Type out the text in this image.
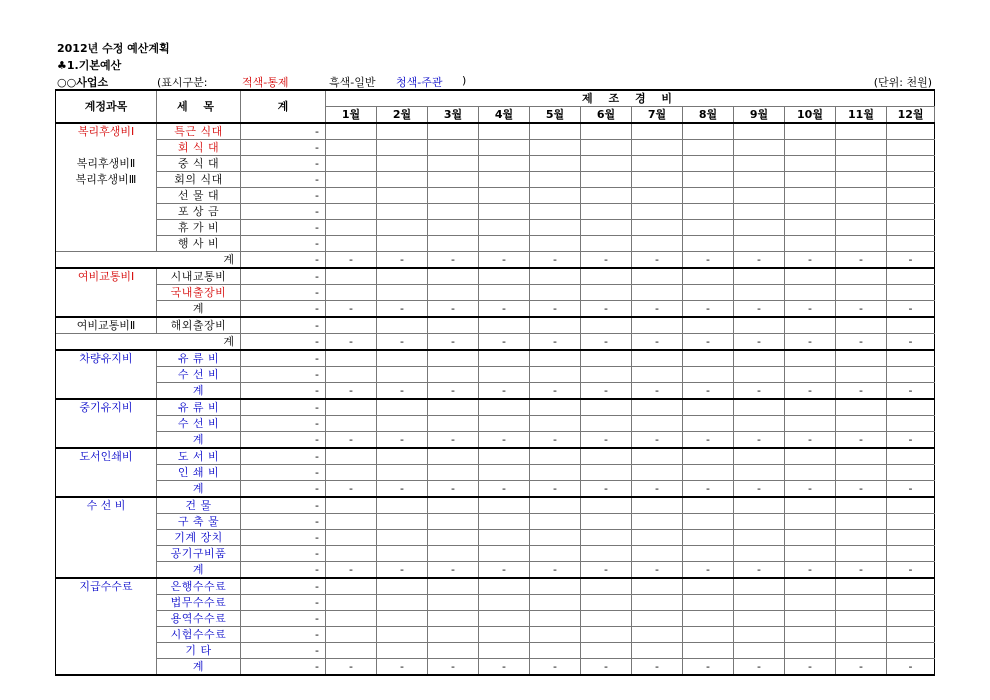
2012년 수정 예산계획
♣1.기본예산
○○사업소	(표시구분:	적색-통제	흑색-일반 청색-주관 )	(단위: 천원)
계정과목	세 목	계	제 조 경 비											
			1월	2월	3월	4월	5월	6월	7월	8월	9월	10월	11월	12월
복리후생비Ⅰ	특근 식대	-												
	회 식 대	-												
복리후생비Ⅱ	중 식 대	-												
복리후생비Ⅲ	회의 식대	-												
	선 물 대	-												
	포 상 금	-												
	휴 가 비	-												
	행 사 비	-												
계		-	-	-	-	-	-	-	-	-	-	-	-	-
여비교통비Ⅰ	시내교통비	-												
	국내출장비	-												
	계	-	-	-	-	-	-	-	-	-	-	-	-	-
여비교통비Ⅱ	해외출장비	-												
계		-	-	-	-	-	-	-	-	-	-	-	-	-
차량유지비	유 류 비	-												
	수 선 비	-												
	계	-	-	-	-	-	-	-	-	-	-	-	-	-
중기유지비	유 류 비	-												
	수 선 비	-												
	계	-	-	-	-	-	-	-	-	-	-	-	-	-
도서인쇄비	도 서 비	-												
	인 쇄 비	-												
	계	-	-	-	-	-	-	-	-	-	-	-	-	-
수 선 비	건 물	-												
	구 축 물	-												
	기계 장치	-												
	공기구비품	-												
	계	-	-	-	-	-	-	-	-	-	-	-	-	-
지급수수료	은행수수료	-												
	법무수수료	-												
	용역수수료	-												
	시험수수료	-												
	기 타	-												
	계	-	-	-	-	-	-	-	-	-	-	-	-	-
